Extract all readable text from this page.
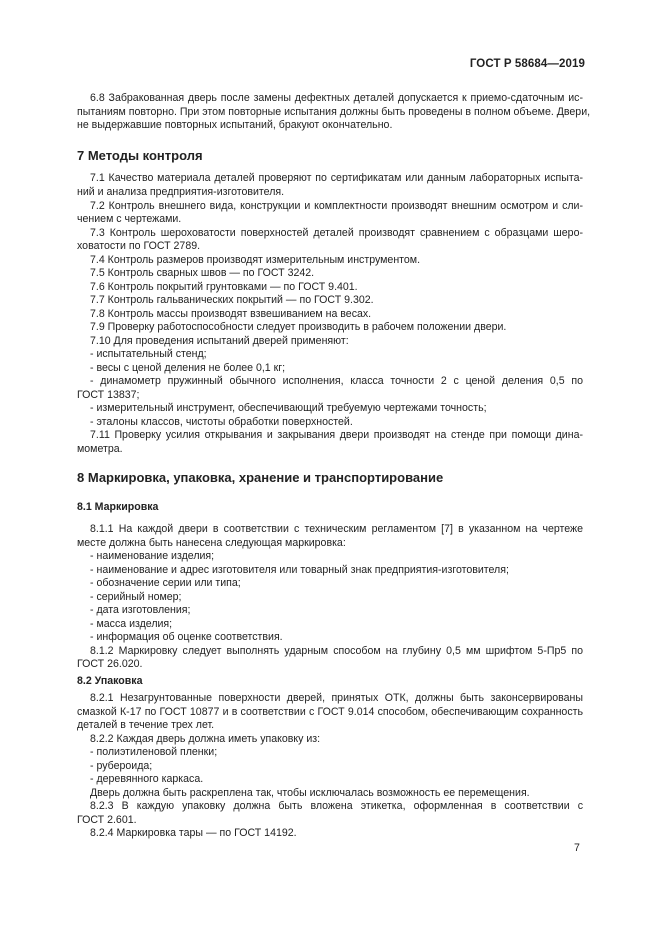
ГОСТ Р 58684—2019
6.8 Забракованная дверь после замены дефектных деталей допускается к приемо-сдаточным ис-
пытаниям повторно. При этом повторные испытания должны быть проведены в полном объеме. Двери,
не выдержавшие повторных испытаний, бракуют окончательно.
7 Методы контроля
7.1 Качество материала деталей проверяют по сертификатам или данным лабораторных испыта-
ний и анализа предприятия-изготовителя.
7.2 Контроль внешнего вида, конструкции и комплектности производят внешним осмотром и сли-
чением с чертежами.
7.3 Контроль шероховатости поверхностей деталей производят сравнением с образцами шеро-
ховатости по ГОСТ 2789.
7.4 Контроль размеров производят измерительным инструментом.
7.5 Контроль сварных швов — по ГОСТ 3242.
7.6 Контроль покрытий грунтовками — по ГОСТ 9.401.
7.7 Контроль гальванических покрытий — по ГОСТ 9.302.
7.8 Контроль массы производят взвешиванием на весах.
7.9 Проверку работоспособности следует производить в рабочем положении двери.
7.10 Для проведения испытаний дверей применяют:
- испытательный стенд;
- весы с ценой деления не более 0,1 кг;
- динамометр пружинный обычного исполнения, класса точности 2 с ценой деления 0,5 по
ГОСТ 13837;
- измерительный инструмент, обеспечивающий требуемую чертежами точность;
- эталоны классов, чистоты обработки поверхностей.
7.11 Проверку усилия открывания и закрывания двери производят на стенде при помощи дина-
мометра.
8 Маркировка, упаковка, хранение и транспортирование
8.1 Маркировка
8.1.1 На каждой двери в соответствии с техническим регламентом [7] в указанном на чертеже
месте должна быть нанесена следующая маркировка:
- наименование изделия;
- наименование и адрес изготовителя или товарный знак предприятия-изготовителя;
- обозначение серии или типа;
- серийный номер;
- дата изготовления;
- масса изделия;
- информация об оценке соответствия.
8.1.2 Маркировку следует выполнять ударным способом на глубину 0,5 мм шрифтом 5-Пр5 по
ГОСТ 26.020.
8.2 Упаковка
8.2.1 Незагрунтованные поверхности дверей, принятых ОТК, должны быть законсервированы
смазкой К-17 по ГОСТ 10877 и в соответствии с ГОСТ 9.014 способом, обеспечивающим сохранность
деталей в течение трех лет.
8.2.2 Каждая дверь должна иметь упаковку из:
- полиэтиленовой пленки;
- рубероида;
- деревянного каркаса.
Дверь должна быть раскреплена так, чтобы исключалась возможность ее перемещения.
8.2.3 В каждую упаковку должна быть вложена этикетка, оформленная в соответствии с
ГОСТ 2.601.
8.2.4 Маркировка тары — по ГОСТ 14192.
7
